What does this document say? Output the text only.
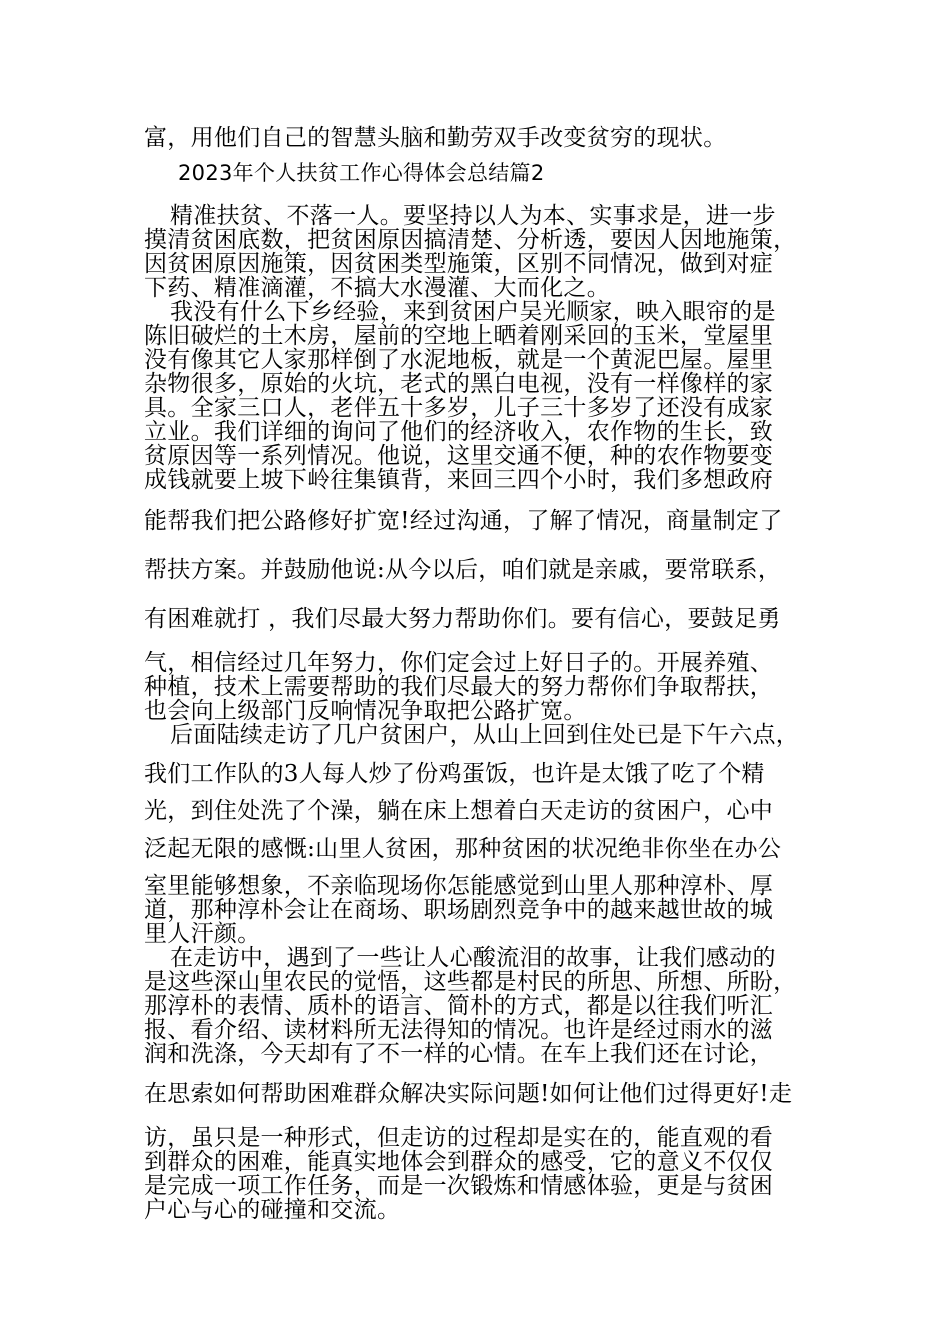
富，用他们自己的智慧头脑和勤劳双手改变贫穷的现状。
2023年个人扶贫工作心得体会总结篇2
精准扶贫、不落一人。要坚持以人为本、实事求是，进一步
摸清贫困底数，把贫困原因搞清楚、分析透，要因人因地施策，
因贫困原因施策，因贫困类型施策，区别不同情况，做到对症
下药、精准滴灌，不搞大水漫灌、大而化之。
我没有什么下乡经验，来到贫困户吴光顺家，映入眼帘的是
陈旧破烂的土木房，屋前的空地上晒着刚采回的玉米，堂屋里
没有像其它人家那样倒了水泥地板，就是一个黄泥巴屋。屋里
杂物很多，原始的火坑，老式的黑白电视，没有一样像样的家
具。全家三口人，老伴五十多岁，儿子三十多岁了还没有成家
立业。我们详细的询问了他们的经济收入，农作物的生长，致
贫原因等一系列情况。他说，这里交通不便，种的农作物要变
成钱就要上坡下岭往集镇背，来回三四个小时，我们多想政府
能帮我们把公路修好扩宽!经过沟通，了解了情况，商量制定了
帮扶方案。并鼓励他说:从今以后，咱们就是亲戚，要常联系，
有困难就打 ，我们尽最大努力帮助你们。要有信心，要鼓足勇
气，相信经过几年努力，你们定会过上好日子的。开展养殖、
种植，技术上需要帮助的我们尽最大的努力帮你们争取帮扶，
也会向上级部门反响情况争取把公路扩宽。
后面陆续走访了几户贫困户，从山上回到住处已是下午六点，
我们工作队的3人每人炒了份鸡蛋饭，也许是太饿了吃了个精
光，到住处洗了个澡，躺在床上想着白天走访的贫困户，心中
泛起无限的感慨:山里人贫困，那种贫困的状况绝非你坐在办公
室里能够想象，不亲临现场你怎能感觉到山里人那种淳朴、厚
道，那种淳朴会让在商场、职场剧烈竞争中的越来越世故的城
里人汗颜。
在走访中，遇到了一些让人心酸流泪的故事，让我们感动的
是这些深山里农民的觉悟，这些都是村民的所思、所想、所盼，
那淳朴的表情、质朴的语言、简朴的方式，都是以往我们听汇
报、看介绍、读材料所无法得知的情况。也许是经过雨水的滋
润和洗涤，今天却有了不一样的心情。在车上我们还在讨论，
在思索如何帮助困难群众解决实际问题!如何让他们过得更好!走
访，虽只是一种形式，但走访的过程却是实在的，能直观的看
到群众的困难，能真实地体会到群众的感受，它的意义不仅仅
是完成一项工作任务，而是一次锻炼和情感体验，更是与贫困
户心与心的碰撞和交流。
